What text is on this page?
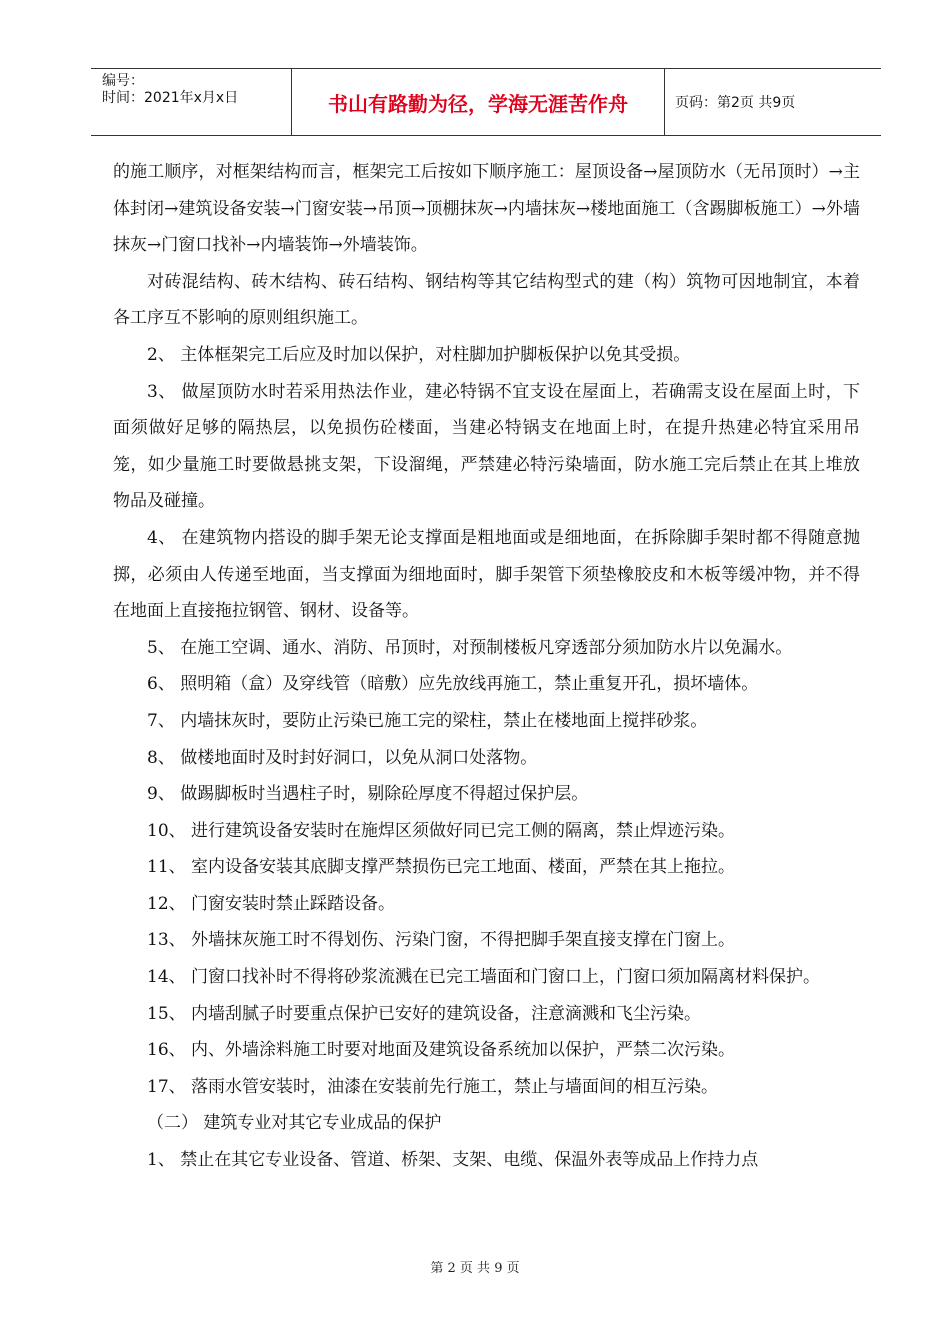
编号：
时间：2021年x月x日	书山有路勤为径，学海无涯苦作舟	页码：第2页 共9页

的施工顺序，对框架结构而言，框架完工后按如下顺序施工：屋顶设备→屋顶防水（无吊顶时）→主体封闭→建筑设备安装→门窗安装→吊顶→顶棚抹灰→内墙抹灰→楼地面施工（含踢脚板施工）→外墙抹灰→门窗口找补→内墙装饰→外墙装饰。

对砖混结构、砖木结构、砖石结构、钢结构等其它结构型式的建（构）筑物可因地制宜，本着各工序互不影响的原则组织施工。

2、 主体框架完工后应及时加以保护，对柱脚加护脚板保护以免其受损。

3、 做屋顶防水时若采用热法作业，建必特锅不宜支设在屋面上，若确需支设在屋面上时，下面须做好足够的隔热层，以免损伤砼楼面，当建必特锅支在地面上时，在提升热建必特宜采用吊笼，如少量施工时要做悬挑支架，下设溜绳，严禁建必特污染墙面，防水施工完后禁止在其上堆放物品及碰撞。

4、 在建筑物内搭设的脚手架无论支撑面是粗地面或是细地面，在拆除脚手架时都不得随意抛掷，必须由人传递至地面，当支撑面为细地面时，脚手架管下须垫橡胶皮和木板等缓冲物，并不得在地面上直接拖拉钢管、钢材、设备等。

5、 在施工空调、通水、消防、吊顶时，对预制楼板凡穿透部分须加防水片以免漏水。

6、 照明箱（盒）及穿线管（暗敷）应先放线再施工，禁止重复开孔，损坏墙体。

7、 内墙抹灰时，要防止污染已施工完的梁柱，禁止在楼地面上搅拌砂浆。

8、 做楼地面时及时封好洞口，以免从洞口处落物。

9、 做踢脚板时当遇柱子时，剔除砼厚度不得超过保护层。

10、 进行建筑设备安装时在施焊区须做好同已完工侧的隔离，禁止焊迹污染。

11、 室内设备安装其底脚支撑严禁损伤已完工地面、楼面，严禁在其上拖拉。

12、 门窗安装时禁止踩踏设备。

13、 外墙抹灰施工时不得划伤、污染门窗，不得把脚手架直接支撑在门窗上。

14、 门窗口找补时不得将砂浆流溅在已完工墙面和门窗口上，门窗口须加隔离材料保护。

15、 内墙刮腻子时要重点保护已安好的建筑设备，注意滴溅和飞尘污染。

16、 内、外墙涂料施工时要对地面及建筑设备系统加以保护，严禁二次污染。

17、 落雨水管安装时，油漆在安装前先行施工，禁止与墙面间的相互污染。

（二） 建筑专业对其它专业成品的保护

1、 禁止在其它专业设备、管道、桥架、支架、电缆、保温外表等成品上作持力点

第 2 页 共 9 页
